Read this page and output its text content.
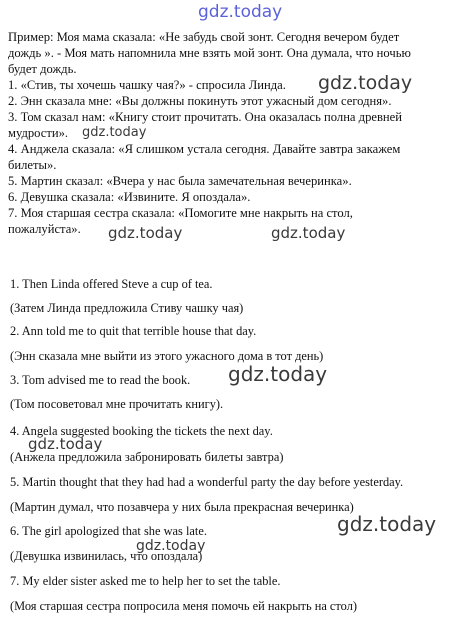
gdz.today
Пример: Моя мама сказала: «Не забудь свой зонт. Сегодня вечером будет
дождь ». - Моя мать напомнила мне взять мой зонт. Она думала, что ночью
будет дождь.
1. «Стив, ты хочешь чашку чая?» - спросила Линда.
2. Энн сказала мне: «Вы должны покинуть этот ужасный дом сегодня».
3. Том сказал нам: «Книгу стоит прочитать. Она оказалась полна древней
мудрости».
4. Анджела сказала: «Я слишком устала сегодня. Давайте завтра закажем
билеты».
5. Мартин сказал: «Вчера у нас была замечательная вечеринка».
6. Девушка сказала: «Извините. Я опоздала».
7. Моя старшая сестра сказала: «Помогите мне накрыть на стол,
пожалуйста».
1. Then Linda offered Steve a cup of tea.
(Затем Линда предложила Стиву чашку чая)
2. Ann told me to quit that terrible house that day.
(Энн сказала мне выйти из этого ужасного дома в тот день)
3. Tom advised me to read the book.
(Том посоветовал мне прочитать книгу).
4. Angela suggested booking the tickets the next day.
(Анжела предложила забронировать билеты завтра)
5. Martin thought that they had had a wonderful party the day before yesterday.
(Мартин думал, что позавчера у них была прекрасная вечеринка)
6. The girl apologized that she was late.
(Девушка извинилась, что опоздала)
7. My elder sister asked me to help her to set the table.
(Моя старшая сестра попросила меня помочь ей накрыть на стол)
gdz.today
gdz.today
gdz.today	gdz.today
gdz.today
gdz.today
gdz.today
gdz.today
